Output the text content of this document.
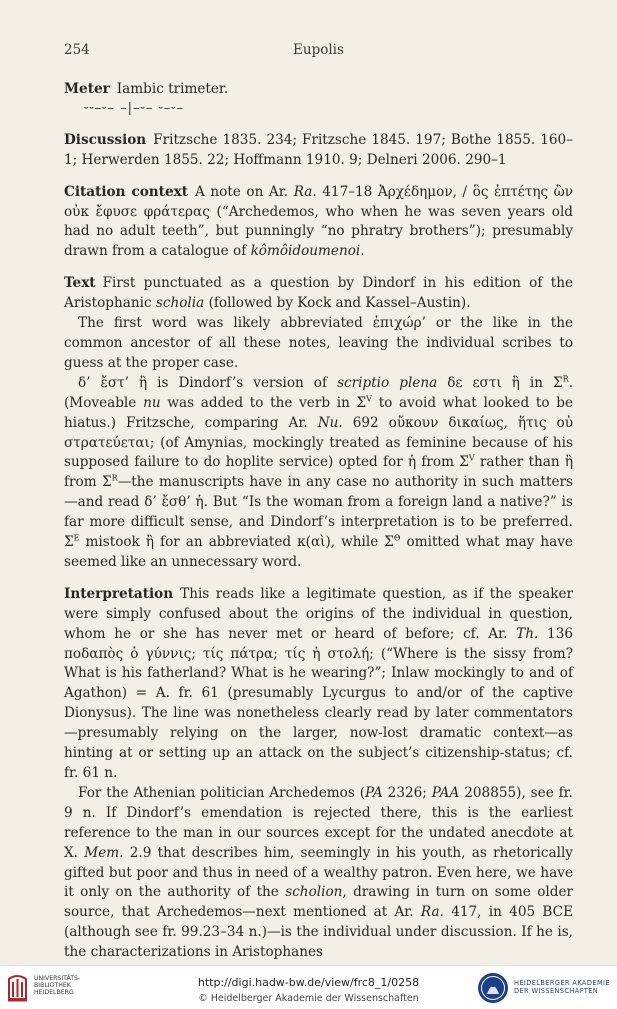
254	Eupolis

Meter Iambic trimeter.

⏑⏑–⏑– –|–⏑– ⏑–⏑–

Discussion Fritzsche 1835. 234; Fritzsche 1845. 197; Bothe 1855. 160–1; Herwerden 1855. 22; Hoffmann 1910. 9; Delneri 2006. 290–1

Citation context A note on Ar. Ra. 417–18 Ἀρχέδημον, / ὃς ἑπτέτης ὢν οὐκ ἔφυσε φράτερας (“Archedemos, who when he was seven years old had no adult teeth”, but punningly “no phratry brothers”); presumably drawn from a catalogue of kômôidoumenoi.

Text First punctuated as a question by Dindorf in his edition of the Aristophanic scholia (followed by Kock and Kassel–Austin).

The first word was likely abbreviated ἐπιχώρ’ or the like in the common ancestor of all these notes, leaving the individual scribes to guess at the proper case.

δ’ ἔστ’ ἢ is Dindorf’s version of scriptio plena δε εστι ἢ in $\Sigma^R$. (Moveable nu was added to the verb in $\Sigma^V$ to avoid what looked to be hiatus.) Fritzsche, comparing Ar. Nu. 692 οὔκουν δικαίως, ἥτις οὐ στρατεύεται; (of Amynias, mockingly treated as feminine because of his supposed failure to do hoplite service) opted for ἡ from $\Sigma^V$ rather than ἢ from $\Sigma^R—the$ manuscripts have in any case no authority in such matters—and read δ’ ἔσθ’ ἡ. But “Is the woman from a foreign land a native?” is far more difficult sense, and Dindorf’s interpretation is to be preferred. $\Sigma^E$ mistook ἢ for an abbreviated κ(αὶ), while $\Sigma^\Theta$ omitted what may have seemed like an unnecessary word.

Interpretation This reads like a legitimate question, as if the speaker were simply confused about the origins of the individual in question, whom he or she has never met or heard of before; cf. Ar. Th. 136 ποδαπὸς ὁ γύννις; τίς πάτρα; τίς ἡ στολή; (“Where is the sissy from? What is his fatherland? What is he wearing?”; Inlaw mockingly to and of Agathon) = A. fr. 61 (presumably Lycurgus to and/or of the captive Dionysus). The line was nonetheless clearly read by later commentators—presumably relying on the larger, now-lost dramatic context—as hinting at or setting up an attack on the subject’s citizenship-status; cf. fr. 61 n.

For the Athenian politician Archedemos (PA 2326; PAA 208855), see fr. 9 n. If Dindorf’s emendation is rejected there, this is the earliest reference to the man in our sources except for the undated anecdote at X. Mem. 2.9 that describes him, seemingly in his youth, as rhetorically gifted but poor and thus in need of a wealthy patron. Even here, we have it only on the authority of the scholion, drawing in turn on some older source, that Archedemos—next mentioned at Ar. Ra. 417, in 405 BCE (although see fr. 99.23–34 n.)—is the individual under discussion. If he is, the characterizations in Aristophanes

UNIVERSITÄTS-
BIBLIOTHEK
HEIDELBERG
http://digi.hadw-bw.de/view/frc8_1/0258
© Heidelberger Akademie der Wissenschaften
HEIDELBERGER AKADEMIE
DER WISSENSCHAFTEN
